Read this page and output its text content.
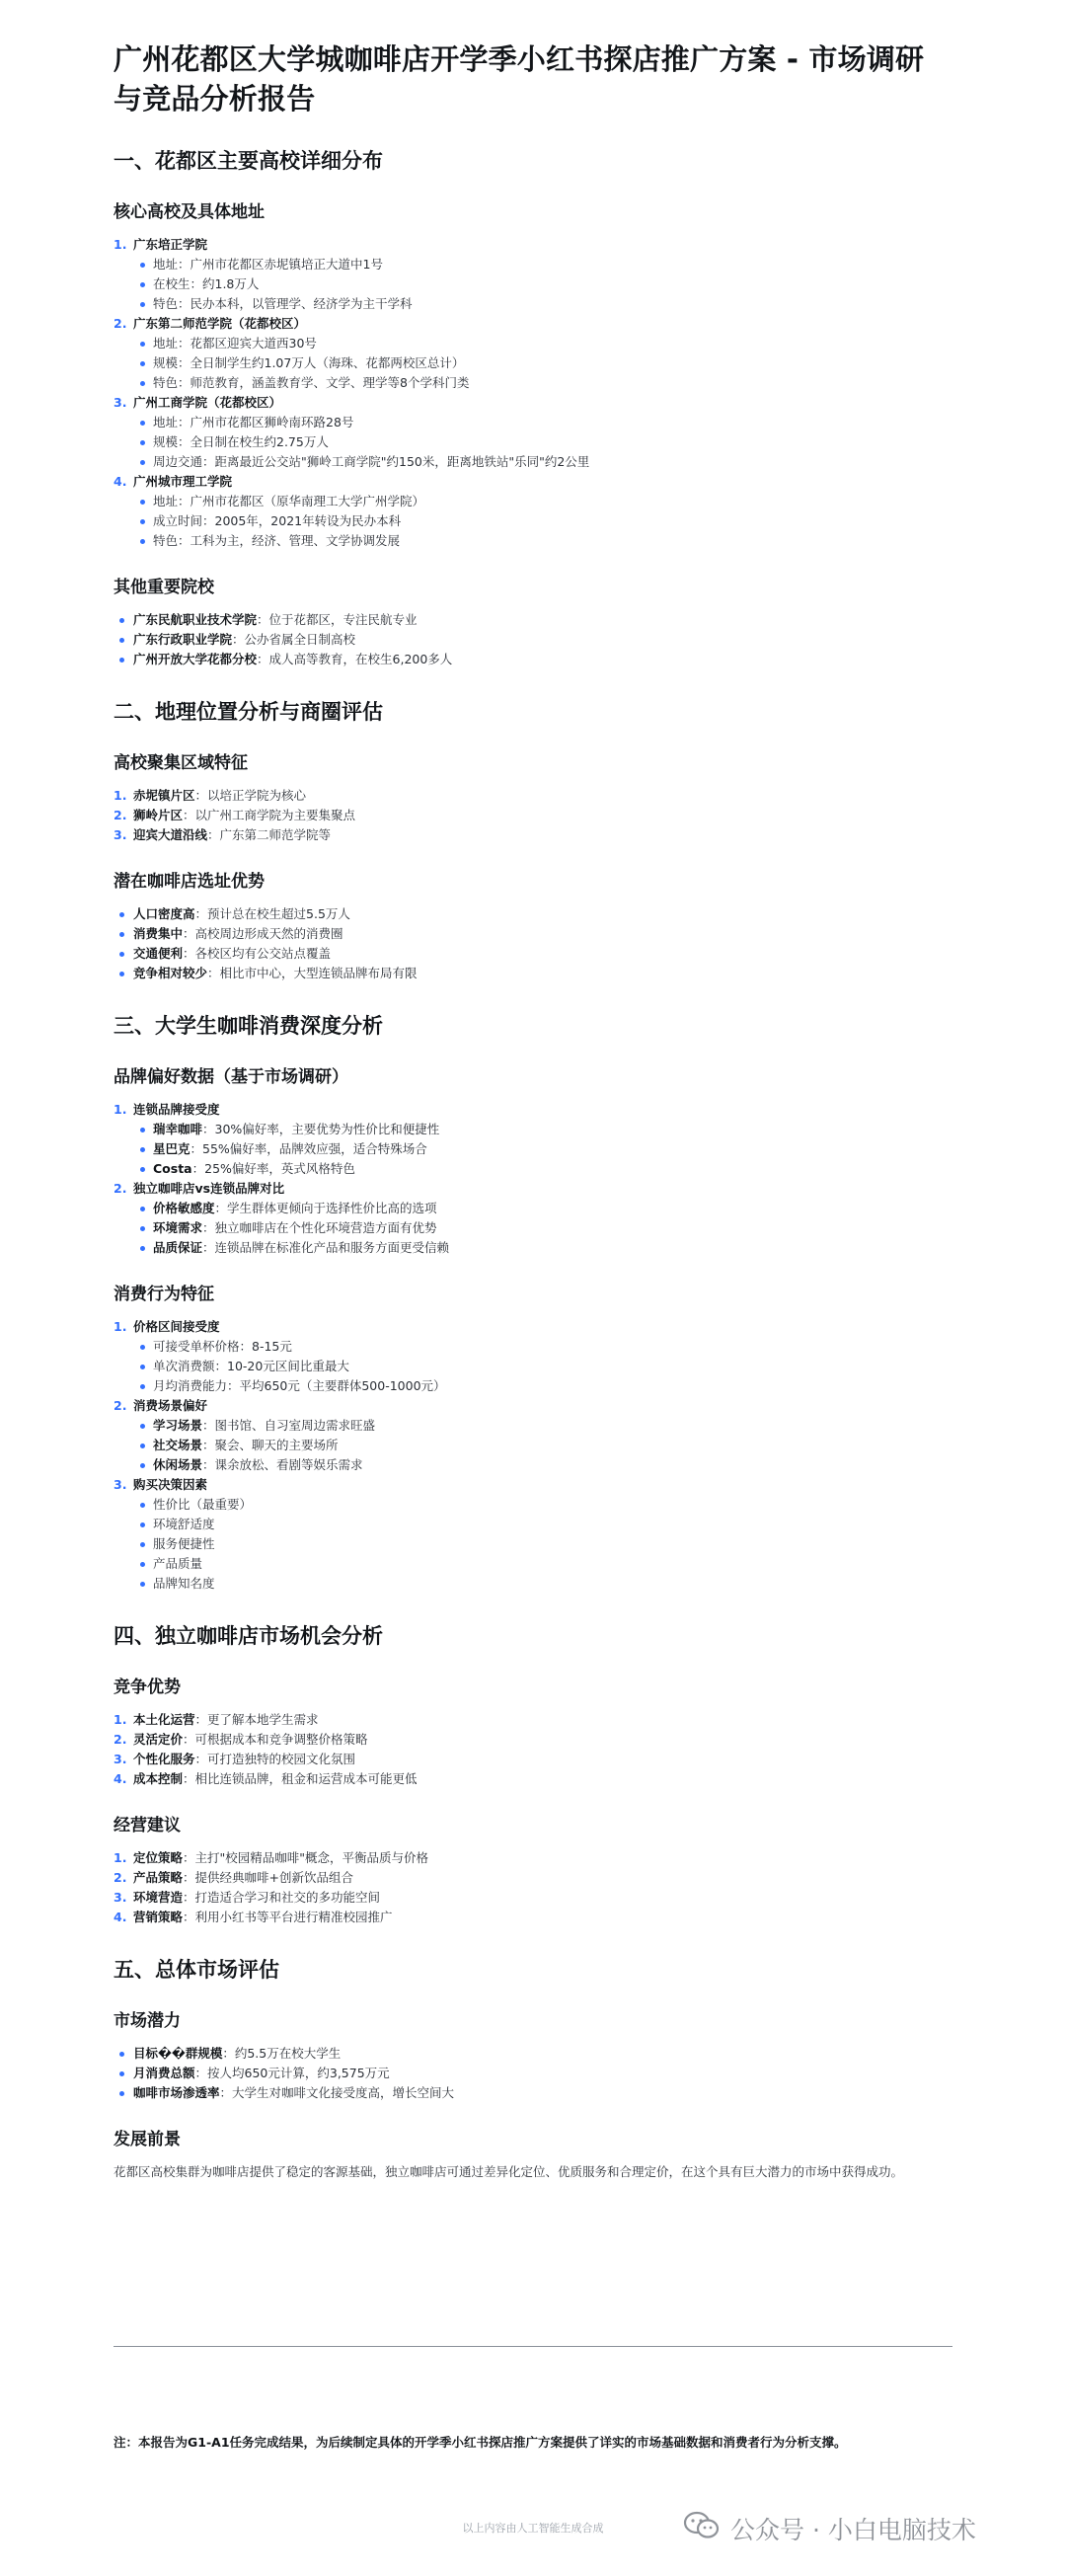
广州花都区大学城咖啡店开学季小红书探店推广方案 - 市场调研与竞品分析报告
一、花都区主要高校详细分布
核心高校及具体地址
1. 广东培正学院
地址：广州市花都区赤坭镇培正大道中1号
在校生：约1.8万人
特色：民办本科，以管理学、经济学为主干学科
2. 广东第二师范学院（花都校区）
地址：花都区迎宾大道西30号
规模：全日制学生约1.07万人（海珠、花都两校区总计）
特色：师范教育，涵盖教育学、文学、理学等8个学科门类
3. 广州工商学院（花都校区）
地址：广州市花都区狮岭南环路28号
规模：全日制在校生约2.75万人
周边交通：距离最近公交站"狮岭工商学院"约150米，距离地铁站"乐同"约2公里
4. 广州城市理工学院
地址：广州市花都区（原华南理工大学广州学院）
成立时间：2005年，2021年转设为民办本科
特色：工科为主，经济、管理、文学协调发展
其他重要院校
广东民航职业技术学院：位于花都区，专注民航专业
广东行政职业学院：公办省属全日制高校
广州开放大学花都分校：成人高等教育，在校生6,200多人
二、地理位置分析与商圈评估
高校聚集区域特征
1. 赤坭镇片区：以培正学院为核心
2. 狮岭片区：以广州工商学院为主要集聚点
3. 迎宾大道沿线：广东第二师范学院等
潜在咖啡店选址优势
人口密度高：预计总在校生超过5.5万人
消费集中：高校周边形成天然的消费圈
交通便利：各校区均有公交站点覆盖
竞争相对较少：相比市中心，大型连锁品牌布局有限
三、大学生咖啡消费深度分析
品牌偏好数据（基于市场调研）
1. 连锁品牌接受度
瑞幸咖啡：30%偏好率，主要优势为性价比和便捷性
星巴克：55%偏好率，品牌效应强，适合特殊场合
Costa：25%偏好率，英式风格特色
2. 独立咖啡店vs连锁品牌对比
价格敏感度：学生群体更倾向于选择性价比高的选项
环境需求：独立咖啡店在个性化环境营造方面有优势
品质保证：连锁品牌在标准化产品和服务方面更受信赖
消费行为特征
1. 价格区间接受度
可接受单杯价格：8-15元
单次消费额：10-20元区间比重最大
月均消费能力：平均650元（主要群体500-1000元）
2. 消费场景偏好
学习场景：图书馆、自习室周边需求旺盛
社交场景：聚会、聊天的主要场所
休闲场景：课余放松、看剧等娱乐需求
3. 购买决策因素
性价比（最重要）
环境舒适度
服务便捷性
产品质量
品牌知名度
四、独立咖啡店市场机会分析
竞争优势
1. 本土化运营：更了解本地学生需求
2. 灵活定价：可根据成本和竞争调整价格策略
3. 个性化服务：可打造独特的校园文化氛围
4. 成本控制：相比连锁品牌，租金和运营成本可能更低
经营建议
1. 定位策略：主打"校园精品咖啡"概念，平衡品质与价格
2. 产品策略：提供经典咖啡+创新饮品组合
3. 环境营造：打造适合学习和社交的多功能空间
4. 营销策略：利用小红书等平台进行精准校园推广
五、总体市场评估
市场潜力
目标��群规模：约5.5万在校大学生
月消费总额：按人均650元计算，约3,575万元
咖啡市场渗透率：大学生对咖啡文化接受度高，增长空间大
发展前景

花都区高校集群为咖啡店提供了稳定的客源基础，独立咖啡店可通过差异化定位、优质服务和合理定价，在这个具有巨大潜力的市场中获得成功。

注：本报告为G1-A1任务完成结果，为后续制定具体的开学季小红书探店推广方案提供了详实的市场基础数据和消费者行为分析支撑。

以上内容由人工智能生成合成	公众号 · 小白电脑技术
